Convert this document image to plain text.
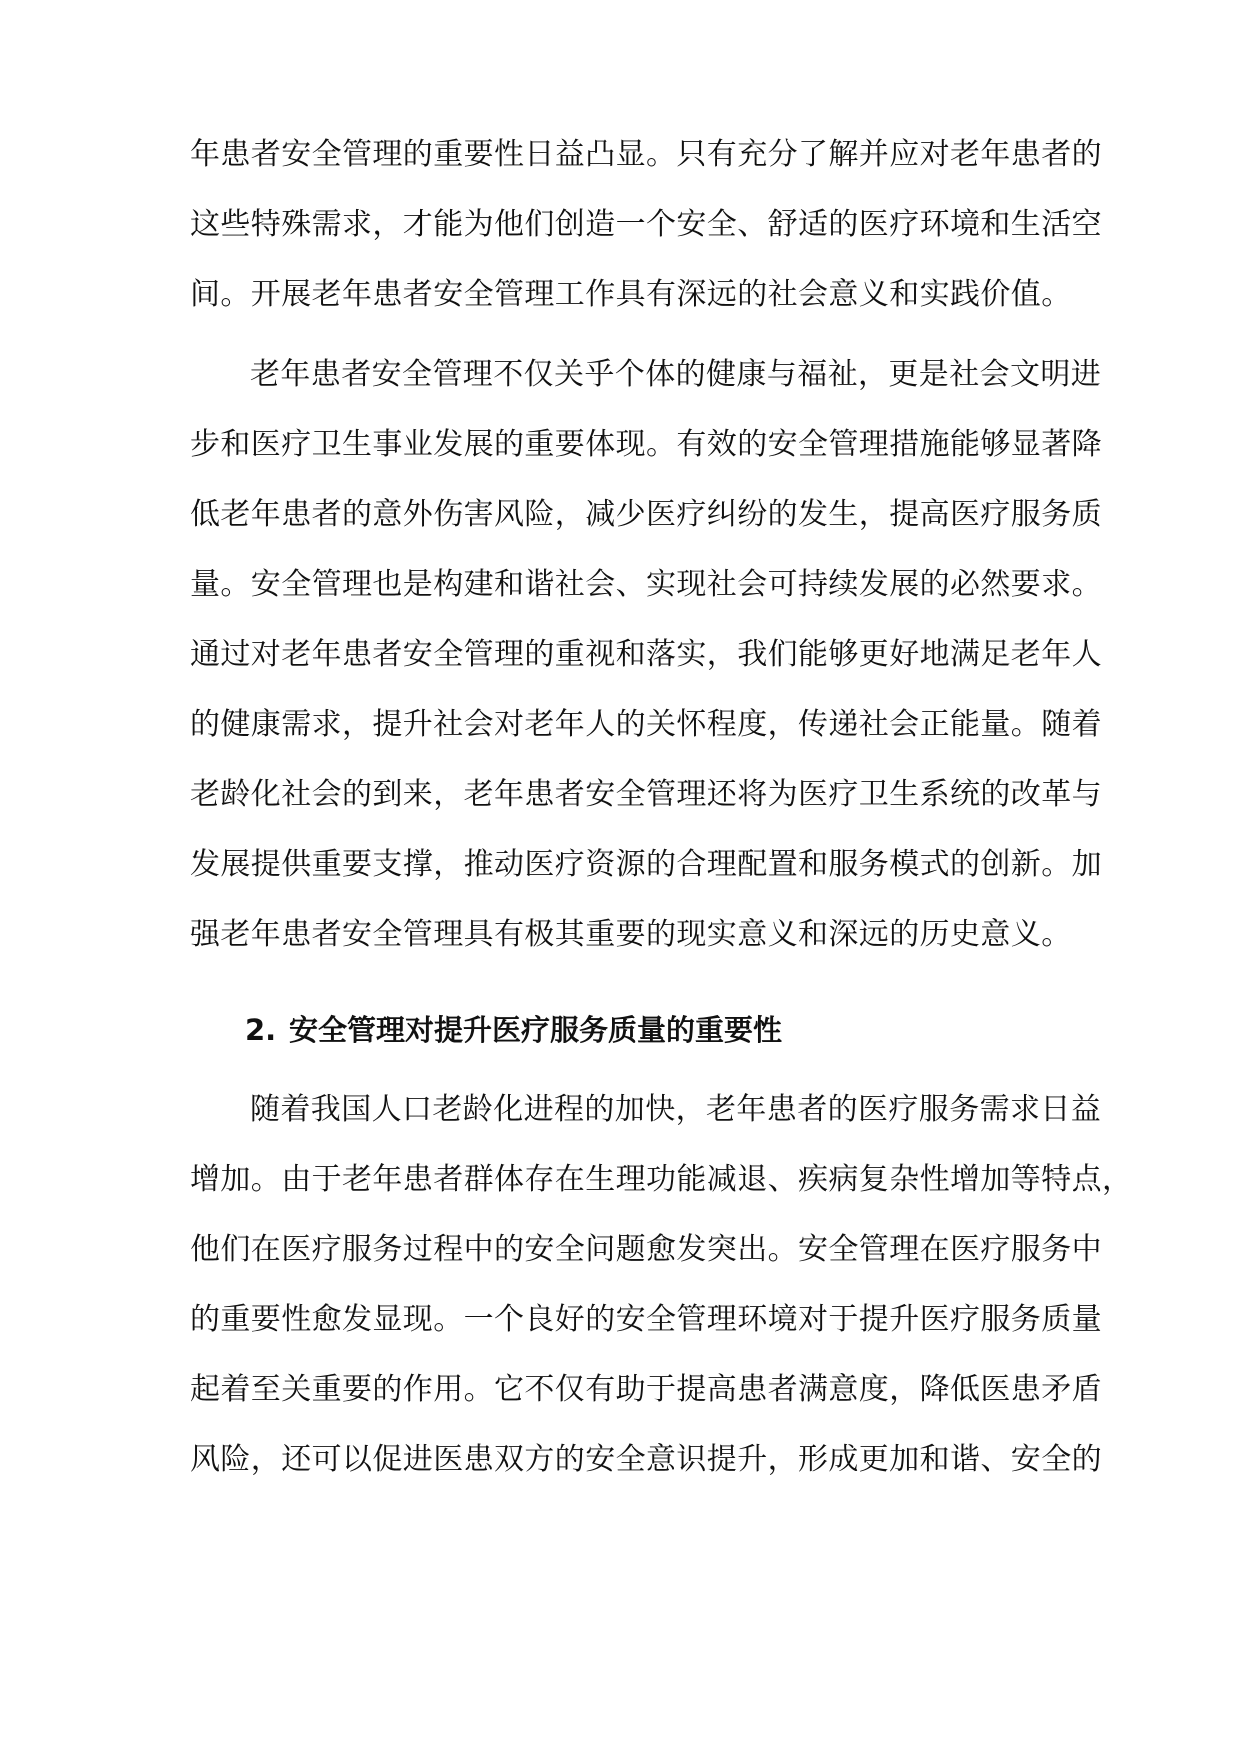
年患者安全管理的重要性日益凸显。只有充分了解并应对老年患者的
这些特殊需求，才能为他们创造一个安全、舒适的医疗环境和生活空
间。开展老年患者安全管理工作具有深远的社会意义和实践价值。
老年患者安全管理不仅关乎个体的健康与福祉，更是社会文明进
步和医疗卫生事业发展的重要体现。有效的安全管理措施能够显著降
低老年患者的意外伤害风险，减少医疗纠纷的发生，提高医疗服务质
量。安全管理也是构建和谐社会、实现社会可持续发展的必然要求。
通过对老年患者安全管理的重视和落实，我们能够更好地满足老年人
的健康需求，提升社会对老年人的关怀程度，传递社会正能量。随着
老龄化社会的到来，老年患者安全管理还将为医疗卫生系统的改革与
发展提供重要支撑，推动医疗资源的合理配置和服务模式的创新。加
强老年患者安全管理具有极其重要的现实意义和深远的历史意义。
2. 安全管理对提升医疗服务质量的重要性
随着我国人口老龄化进程的加快，老年患者的医疗服务需求日益
增加。由于老年患者群体存在生理功能减退、疾病复杂性增加等特点，
他们在医疗服务过程中的安全问题愈发突出。安全管理在医疗服务中
的重要性愈发显现。一个良好的安全管理环境对于提升医疗服务质量
起着至关重要的作用。它不仅有助于提高患者满意度，降低医患矛盾
风险，还可以促进医患双方的安全意识提升，形成更加和谐、安全的
